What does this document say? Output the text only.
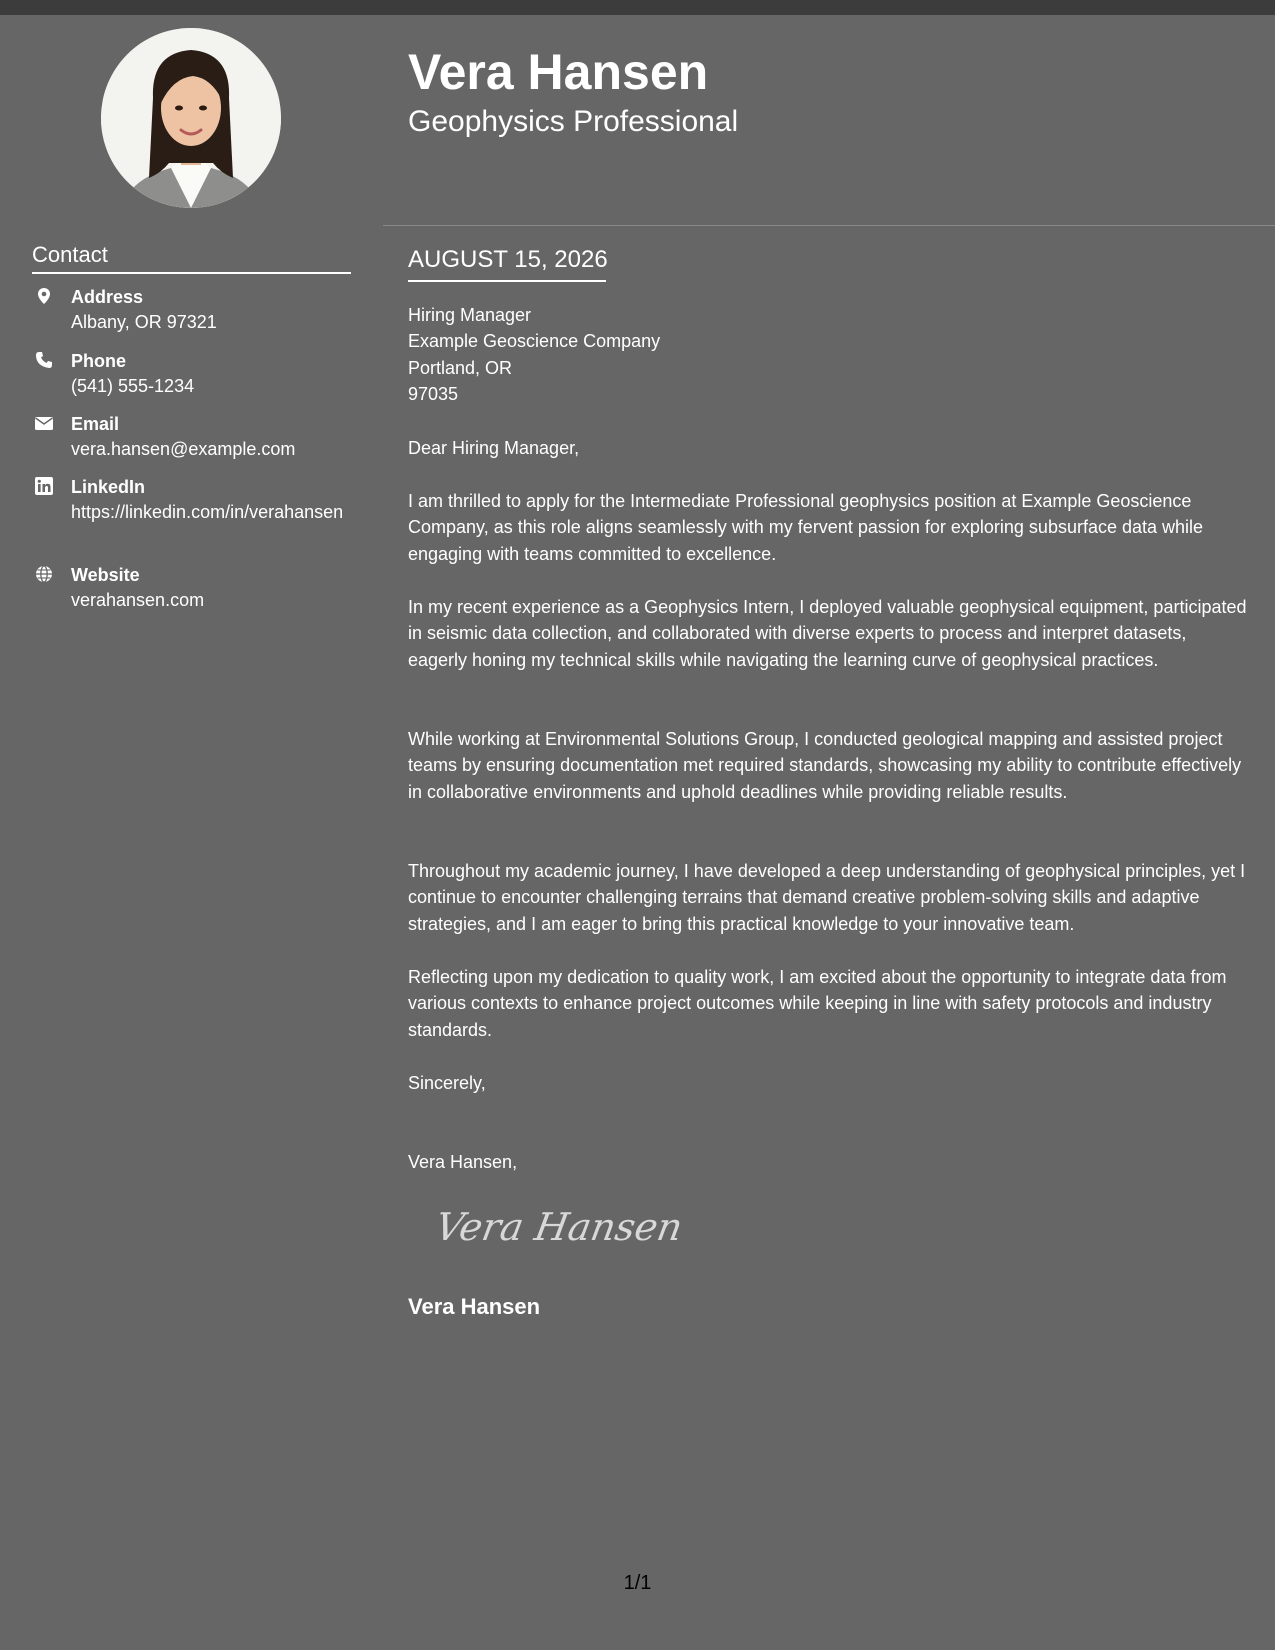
Vera Hansen
Geophysics Professional
Contact
Address
Albany, OR 97321
Phone
(541) 555-1234
Email
vera.hansen@example.com
LinkedIn
https://linkedin.com/in/verahansen
Website
verahansen.com
AUGUST 15, 2026

Hiring Manager

Example Geoscience Company

Portland, OR

97035

Dear Hiring Manager,
I am thrilled to apply for the Intermediate Professional geophysics position at Example Geoscience Company, as this role aligns seamlessly with my fervent passion for exploring subsurface data while engaging with teams committed to excellence.
In my recent experience as a Geophysics Intern, I deployed valuable geophysical equipment, participated in seismic data collection, and collaborated with diverse experts to process and interpret datasets, eagerly honing my technical skills while navigating the learning curve of geophysical practices.
While working at Environmental Solutions Group, I conducted geological mapping and assisted project teams by ensuring documentation met required standards, showcasing my ability to contribute effectively in collaborative environments and uphold deadlines while providing reliable results.
Throughout my academic journey, I have developed a deep understanding of geophysical principles, yet I continue to encounter challenging terrains that demand creative problem-solving skills and adaptive strategies, and I am eager to bring this practical knowledge to your innovative team.
Reflecting upon my dedication to quality work, I am excited about the opportunity to integrate data from various contexts to enhance project outcomes while keeping in line with safety protocols and industry standards.
Sincerely,
Vera Hansen,
Vera Hansen
Vera Hansen
1/1
